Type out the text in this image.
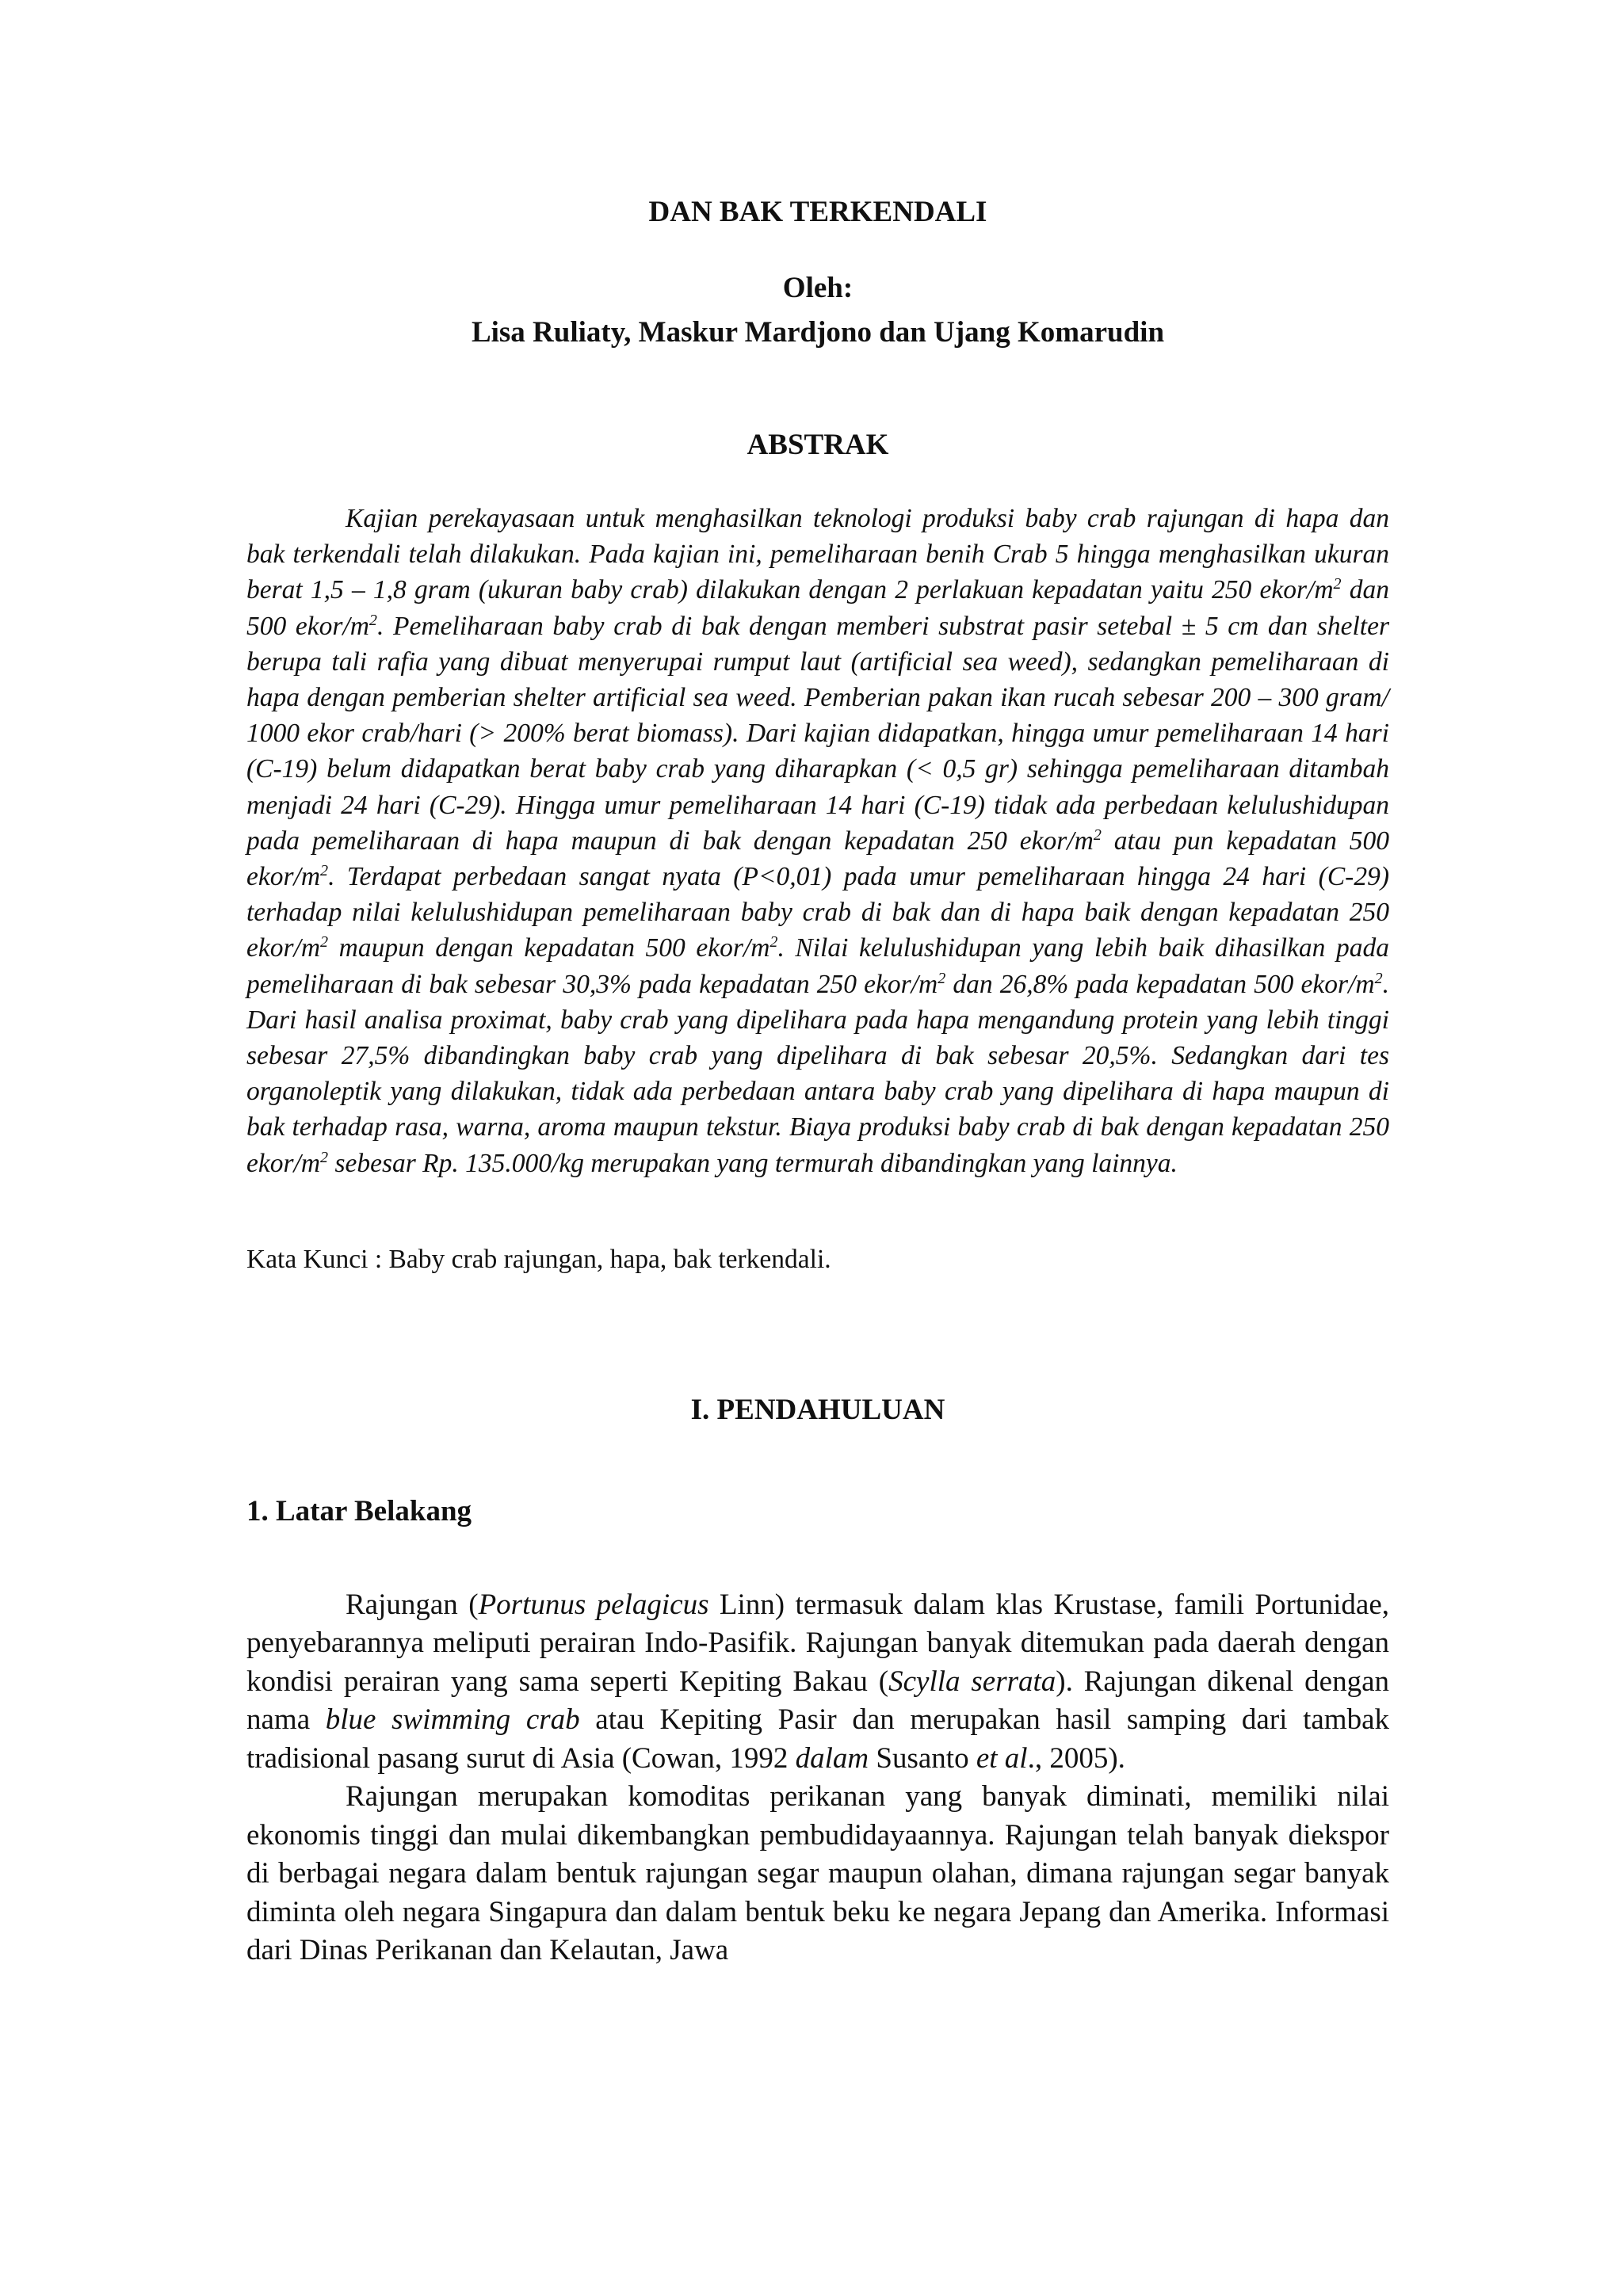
DAN BAK TERKENDALI

Oleh:

Lisa Ruliaty, Maskur Mardjono dan Ujang Komarudin

ABSTRAK

Kajian perekayasaan untuk menghasilkan teknologi produksi baby crab rajungan di hapa dan bak terkendali telah dilakukan. Pada kajian ini, pemeliharaan benih Crab 5 hingga menghasilkan ukuran berat 1,5 – 1,8 gram (ukuran baby crab) dilakukan dengan 2 perlakuan kepadatan yaitu 250 ekor/$m^2$ dan 500 ekor/$m^2$. Pemeliharaan baby crab di bak dengan memberi substrat pasir setebal ± 5 cm dan shelter berupa tali rafia yang dibuat menyerupai rumput laut (artificial sea weed), sedangkan pemeliharaan di hapa dengan pemberian shelter artificial sea weed. Pemberian pakan ikan rucah sebesar 200 – 300 gram/ 1000 ekor crab/hari (> 200% berat biomass). Dari kajian didapatkan, hingga umur pemeliharaan 14 hari (C-19) belum didapatkan berat baby crab yang diharapkan (< 0,5 gr) sehingga pemeliharaan ditambah menjadi 24 hari (C-29). Hingga umur pemeliharaan 14 hari (C-19) tidak ada perbedaan kelulushidupan pada pemeliharaan di hapa maupun di bak dengan kepadatan 250 ekor/$m^2$ atau pun kepadatan 500 ekor/$m^2$. Terdapat perbedaan sangat nyata (P<0,01) pada umur pemeliharaan hingga 24 hari (C-29) terhadap nilai kelulushidupan pemeliharaan baby crab di bak dan di hapa baik dengan kepadatan 250 ekor/$m^2$ maupun dengan kepadatan 500 ekor/$m^2$. Nilai kelulushidupan yang lebih baik dihasilkan pada pemeliharaan di bak sebesar 30,3% pada kepadatan 250 ekor/$m^2$ dan 26,8% pada kepadatan 500 ekor/$m^2$. Dari hasil analisa proximat, baby crab yang dipelihara pada hapa mengandung protein yang lebih tinggi sebesar 27,5% dibandingkan baby crab yang dipelihara di bak sebesar 20,5%. Sedangkan dari tes organoleptik yang dilakukan, tidak ada perbedaan antara baby crab yang dipelihara di hapa maupun di bak terhadap rasa, warna, aroma maupun tekstur. Biaya produksi baby crab di bak dengan kepadatan 250 ekor/$m^2$ sebesar Rp. 135.000/kg merupakan yang termurah dibandingkan yang lainnya.

Kata Kunci : Baby crab rajungan, hapa, bak terkendali.

I. PENDAHULUAN
1. Latar Belakang

Rajungan (Portunus pelagicus Linn) termasuk dalam klas Krustase, famili Portunidae, penyebarannya meliputi perairan Indo-Pasifik. Rajungan banyak ditemukan pada daerah dengan kondisi perairan yang sama seperti Kepiting Bakau (Scylla serrata). Rajungan dikenal dengan nama blue swimming crab atau Kepiting Pasir dan merupakan hasil samping dari tambak tradisional pasang surut di Asia (Cowan, 1992 dalam Susanto et al., 2005).

Rajungan merupakan komoditas perikanan yang banyak diminati, memiliki nilai ekonomis tinggi dan mulai dikembangkan pembudidayaannya. Rajungan telah banyak diekspor di berbagai negara dalam bentuk rajungan segar maupun olahan, dimana rajungan segar banyak diminta oleh negara Singapura dan dalam bentuk beku ke negara Jepang dan Amerika. Informasi dari Dinas Perikanan dan Kelautan, Jawa
